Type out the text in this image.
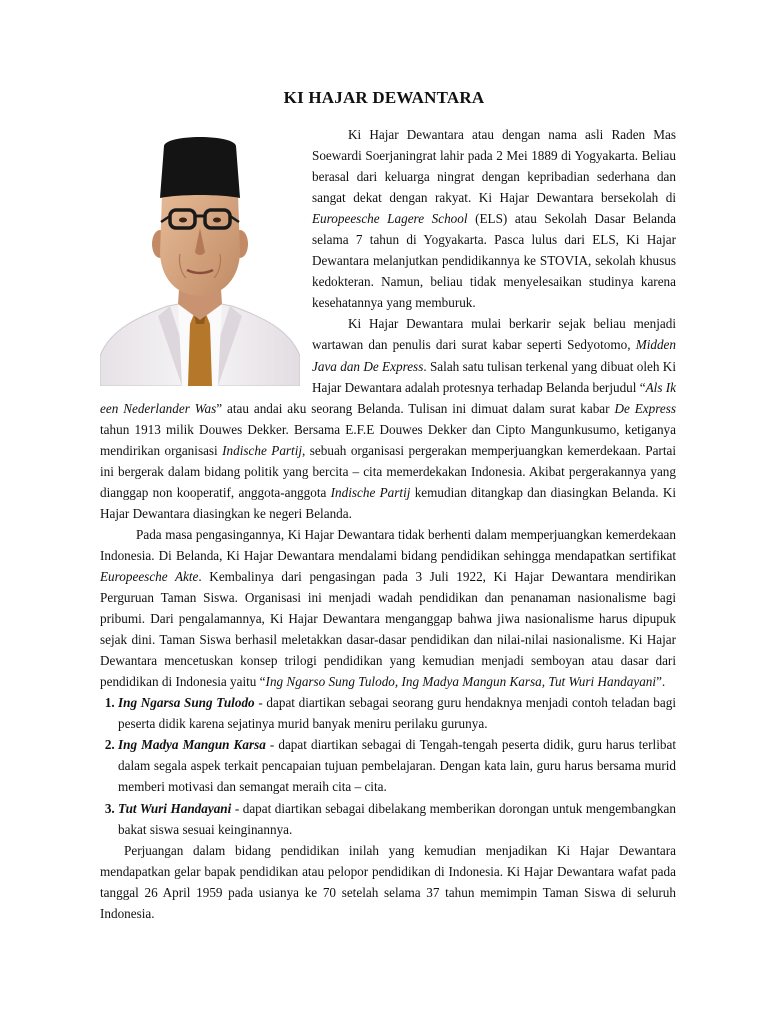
KI HAJAR DEWANTARA

Ki Hajar Dewantara atau dengan nama asli Raden Mas Soewardi Soerjaningrat lahir pada 2 Mei 1889 di Yogyakarta. Beliau berasal dari keluarga ningrat dengan kepribadian sederhana dan sangat dekat dengan rakyat. Ki Hajar Dewantara bersekolah di Europeesche Lagere School (ELS) atau Sekolah Dasar Belanda selama 7 tahun di Yogyakarta. Pasca lulus dari ELS, Ki Hajar Dewantara melanjutkan pendidikannya ke STOVIA, sekolah khusus kedokteran. Namun, beliau tidak menyelesaikan studinya karena kesehatannya yang memburuk.

Ki Hajar Dewantara mulai berkarir sejak beliau menjadi wartawan dan penulis dari surat kabar seperti Sedyotomo, Midden Java dan De Express. Salah satu tulisan terkenal yang dibuat oleh Ki Hajar Dewantara adalah protesnya terhadap Belanda berjudul “Als Ik een Nederlander Was” atau andai aku seorang Belanda. Tulisan ini dimuat dalam surat kabar De Express tahun 1913 milik Douwes Dekker. Bersama E.F.E Douwes Dekker dan Cipto Mangunkusumo, ketiganya mendirikan organisasi Indische Partij, sebuah organisasi pergerakan memperjuangkan kemerdekaan. Partai ini bergerak dalam bidang politik yang bercita – cita memerdekakan Indonesia. Akibat pergerakannya yang dianggap non kooperatif, anggota-anggota Indische Partij kemudian ditangkap dan diasingkan Belanda. Ki Hajar Dewantara diasingkan ke negeri Belanda.

Pada masa pengasingannya, Ki Hajar Dewantara tidak berhenti dalam memperjuangkan kemerdekaan Indonesia. Di Belanda, Ki Hajar Dewantara mendalami bidang pendidikan sehingga mendapatkan sertifikat Europeesche Akte. Kembalinya dari pengasingan pada 3 Juli 1922, Ki Hajar Dewantara mendirikan Perguruan Taman Siswa. Organisasi ini menjadi wadah pendidikan dan penanaman nasionalisme bagi pribumi. Dari pengalamannya, Ki Hajar Dewantara menganggap bahwa jiwa nasionalisme harus dipupuk sejak dini. Taman Siswa berhasil meletakkan dasar-dasar pendidikan dan nilai-nilai nasionalisme. Ki Hajar Dewantara mencetuskan konsep trilogi pendidikan yang kemudian menjadi semboyan atau dasar dari pendidikan di Indonesia yaitu “Ing Ngarso Sung Tulodo, Ing Madya Mangun Karsa, Tut Wuri Handayani”.

1. Ing Ngarsa Sung Tulodo - dapat diartikan sebagai seorang guru hendaknya menjadi contoh teladan bagi peserta didik karena sejatinya murid banyak meniru perilaku gurunya.
2. Ing Madya Mangun Karsa - dapat diartikan sebagai di Tengah-tengah peserta didik, guru harus terlibat dalam segala aspek terkait pencapaian tujuan pembelajaran. Dengan kata lain, guru harus bersama murid memberi motivasi dan semangat meraih cita – cita.
3. Tut Wuri Handayani - dapat diartikan sebagai dibelakang memberikan dorongan untuk mengembangkan bakat siswa sesuai keinginannya.

Perjuangan dalam bidang pendidikan inilah yang kemudian menjadikan Ki Hajar Dewantara mendapatkan gelar bapak pendidikan atau pelopor pendidikan di Indonesia. Ki Hajar Dewantara wafat pada tanggal 26 April 1959 pada usianya ke 70 setelah selama 37 tahun memimpin Taman Siswa di seluruh Indonesia.
